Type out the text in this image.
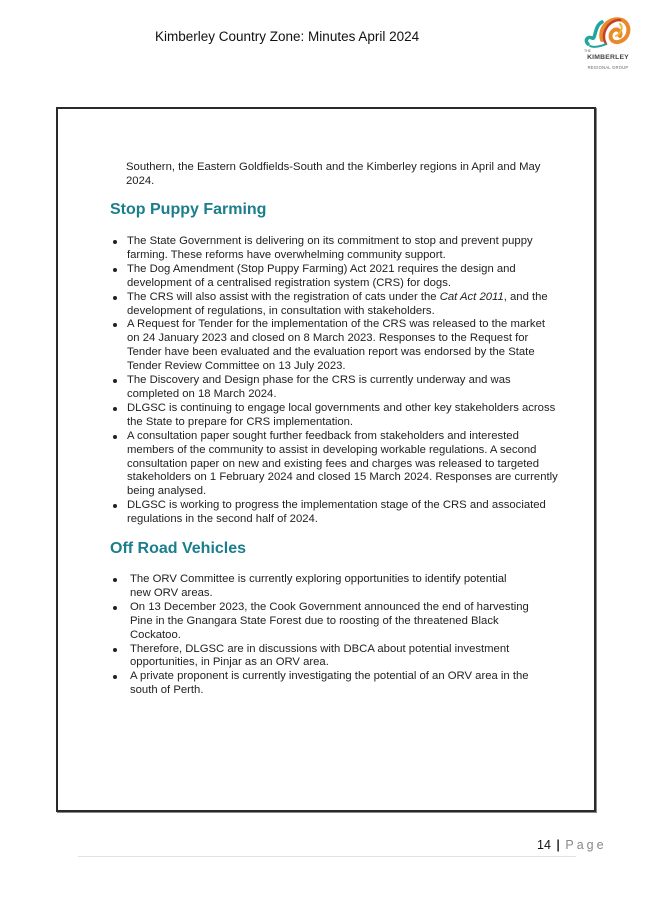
Kimberley Country Zone: Minutes April 2024
THE
KIMBERLEY
REGIONAL GROUP
Southern, the Eastern Goldfields-South and the Kimberley regions in April and May 2024.
Stop Puppy Farming
The State Government is delivering on its commitment to stop and prevent puppy farming. These reforms have overwhelming community support.
The Dog Amendment (Stop Puppy Farming) Act 2021 requires the design and development of a centralised registration system (CRS) for dogs.
The CRS will also assist with the registration of cats under the Cat Act 2011, and the development of regulations, in consultation with stakeholders.
A Request for Tender for the implementation of the CRS was released to the market on 24 January 2023 and closed on 8 March 2023. Responses to the Request for Tender have been evaluated and the evaluation report was endorsed by the State Tender Review Committee on 13 July 2023.
The Discovery and Design phase for the CRS is currently underway and was completed on 18 March 2024.
DLGSC is continuing to engage local governments and other key stakeholders across the State to prepare for CRS implementation.
A consultation paper sought further feedback from stakeholders and interested members of the community to assist in developing workable regulations. A second consultation paper on new and existing fees and charges was released to targeted stakeholders on 1 February 2024 and closed 15 March 2024. Responses are currently being analysed.
DLGSC is working to progress the implementation stage of the CRS and associated regulations in the second half of 2024.
Off Road Vehicles
The ORV Committee is currently exploring opportunities to identify potential new ORV areas.
On 13 December 2023, the Cook Government announced the end of harvesting Pine in the Gnangara State Forest due to roosting of the threatened Black Cockatoo.
Therefore, DLGSC are in discussions with DBCA about potential investment opportunities, in Pinjar as an ORV area.
A private proponent is currently investigating the potential of an ORV area in the south of Perth.
14 | Page
